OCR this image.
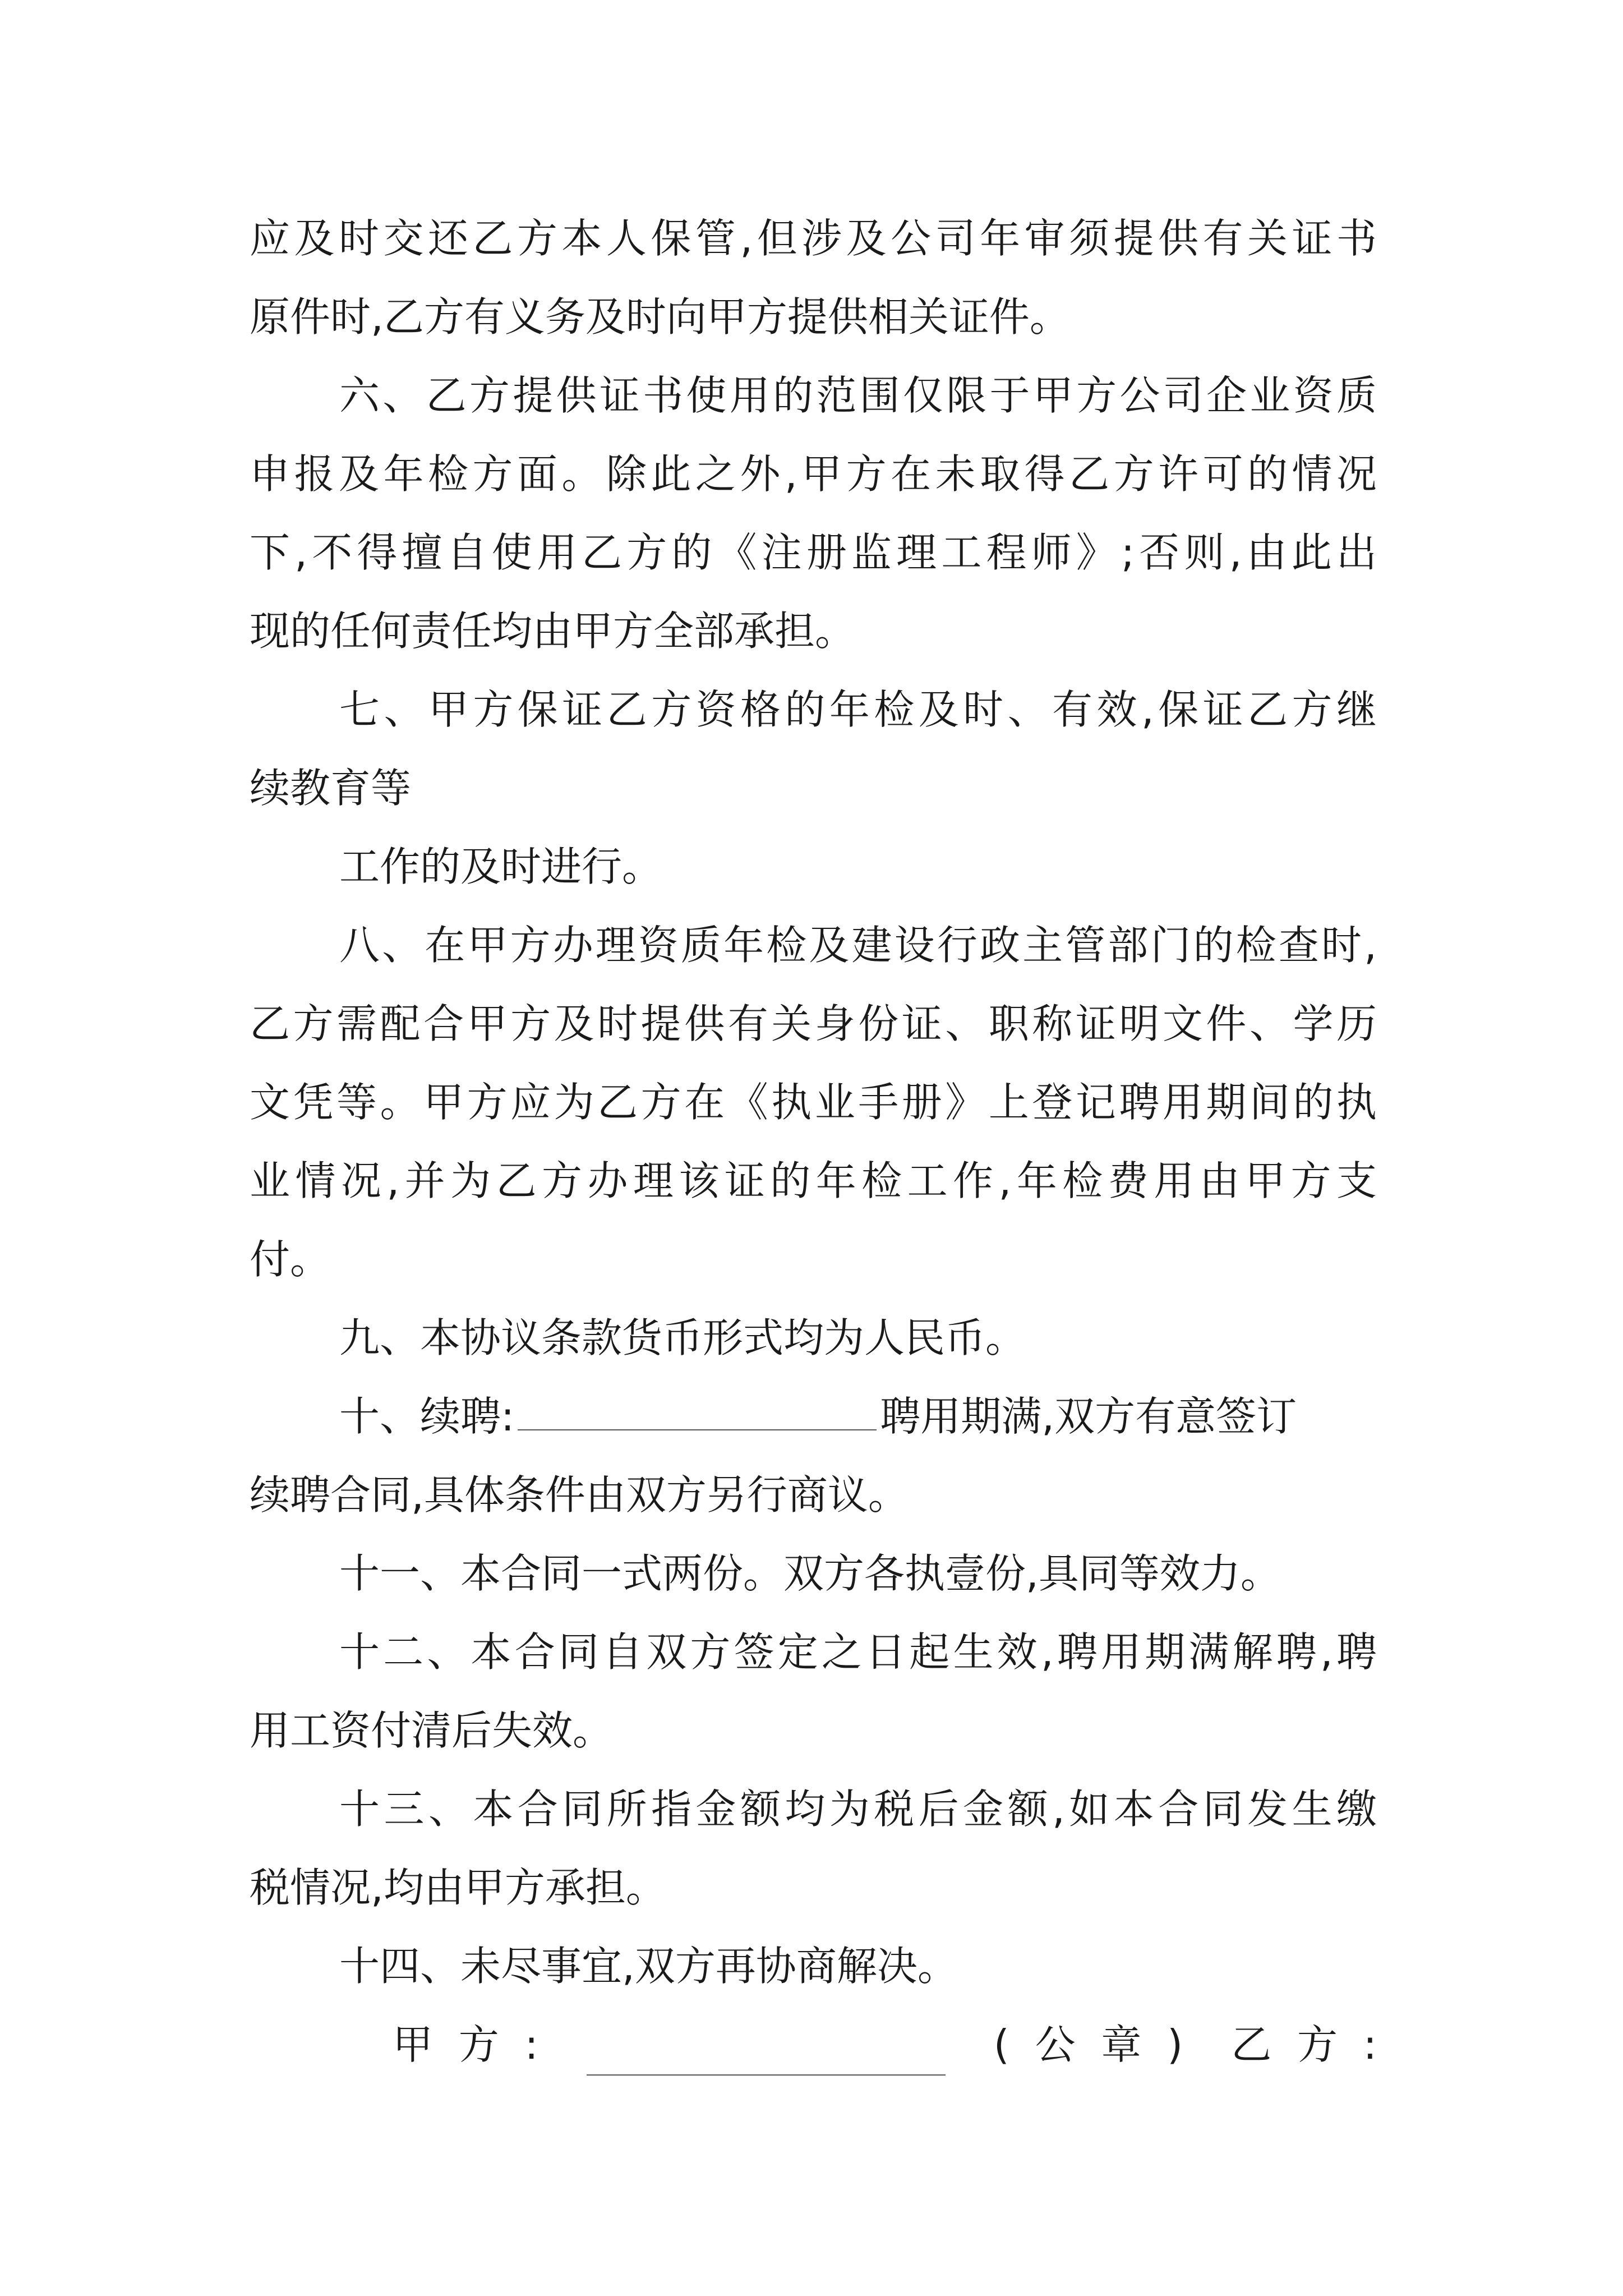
应及时交还乙方本人保管,但涉及公司年审须提供有关证书
原件时,乙方有义务及时向甲方提供相关证件。
六、乙方提供证书使用的范围仅限于甲方公司企业资质
申报及年检方面。除此之外,甲方在未取得乙方许可的情况
下,不得擅自使用乙方的《注册监理工程师》;否则,由此出
现的任何责任均由甲方全部承担。
七、甲方保证乙方资格的年检及时、有效,保证乙方继
续教育等
工作的及时进行。
八、在甲方办理资质年检及建设行政主管部门的检查时,
乙方需配合甲方及时提供有关身份证、职称证明文件、学历
文凭等。甲方应为乙方在《执业手册》上登记聘用期间的执
业情况,并为乙方办理该证的年检工作,年检费用由甲方支
付。
九、本协议条款货币形式均为人民币。
十、续聘:	聘用期满,双方有意签订
续聘合同,具体条件由双方另行商议。
十一、本合同一式两份。双方各执壹份,具同等效力。
十二、本合同自双方签定之日起生效,聘用期满解聘,聘
用工资付清后失效。
十三、本合同所指金额均为税后金额,如本合同发生缴
税情况,均由甲方承担。
十四、未尽事宜,双方再协商解决。
甲  方  :	(  公  章  ) 乙  方  :
